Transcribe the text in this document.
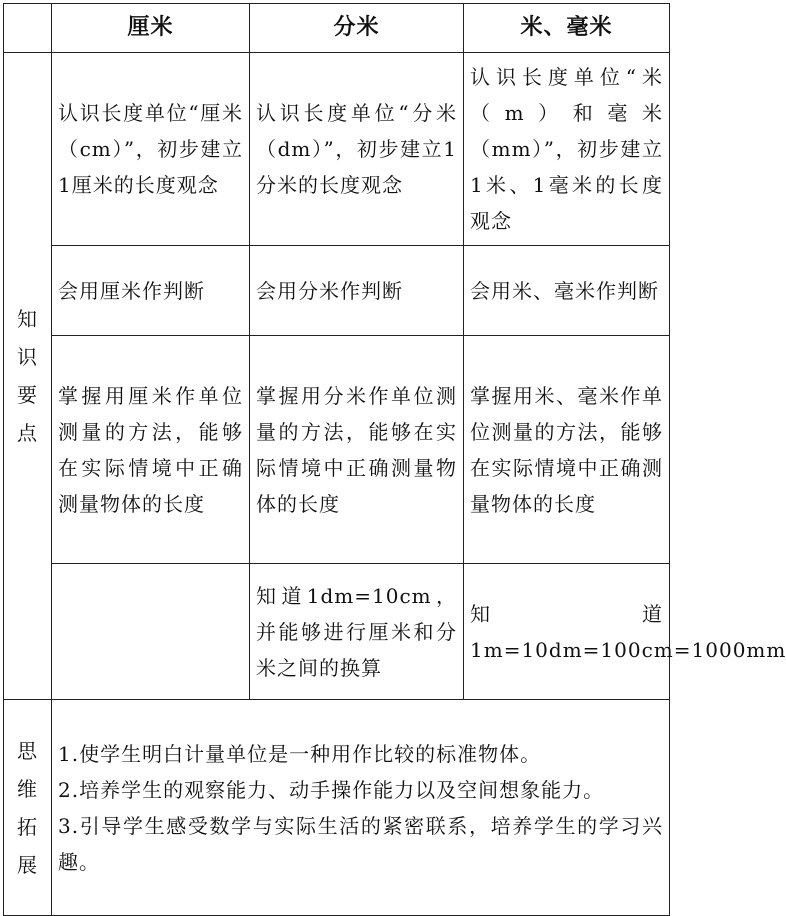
	厘米	分米	米、毫米
知识要点	认识长度单位“厘米（cm）”，初步建立1厘米的长度观念	认识长度单位“分米（dm）”，初步建立1分米的长度观念	认识长度单位“米（m）和毫米（mm）”，初步建立1米、1毫米的长度观念
	会用厘米作判断	会用分米作判断	会用米、毫米作判断
	掌握用厘米作单位测量的方法，能够在实际情境中正确测量物体的长度	掌握用分米作单位测量的方法，能够在实际情境中正确测量物体的长度	掌握用米、毫米作单位测量的方法，能够在实际情境中正确测量物体的长度
		知道1dm=10cm，并能够进行厘米和分米之间的换算	知道1m=10dm=100cm=1000mm
思维拓展	1.使学生明白计量单位是一种用作比较的标准物体。
2.培养学生的观察能力、动手操作能力以及空间想象能力。
3.引导学生感受数学与实际生活的紧密联系，培养学生的学习兴趣。		
